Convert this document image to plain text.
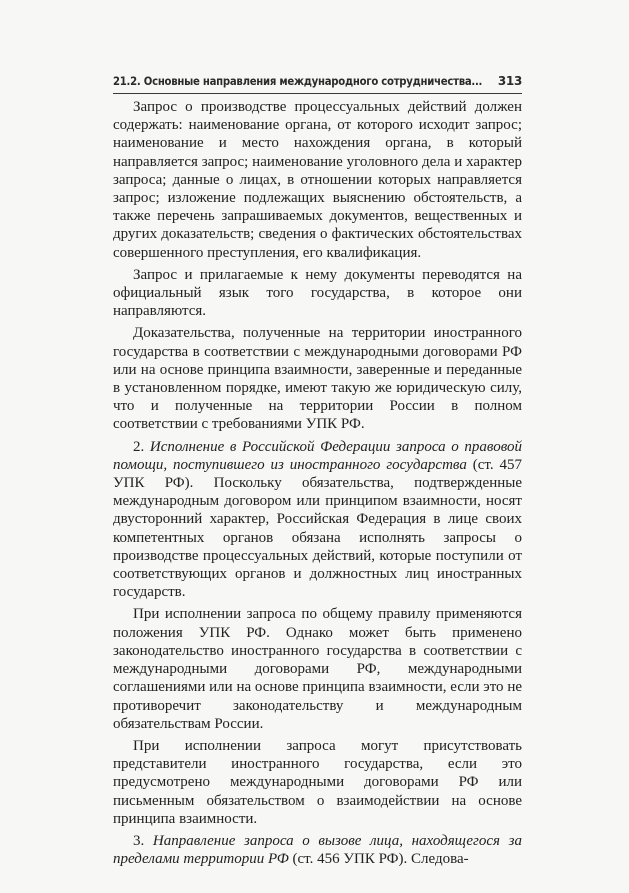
21.2. Основные направления международного сотрудничества... 313

Запрос о производстве процессуальных действий должен содержать: наименование органа, от которого исходит запрос; наименование и место нахождения органа, в который направляется запрос; наименование уголовного дела и характер запроса; данные о лицах, в отношении которых направляется запрос; изложение подлежащих выяснению обстоятельств, а также перечень запрашиваемых документов, вещественных и других доказательств; сведения о фактических обстоятельствах совершенного преступления, его квалификация.

Запрос и прилагаемые к нему документы переводятся на официальный язык того государства, в которое они направляются.

Доказательства, полученные на территории иностранного государства в соответствии с международными договорами РФ или на основе принципа взаимности, заверенные и переданные в установленном порядке, имеют такую же юридическую силу, что и полученные на территории России в полном соответствии с требованиями УПК РФ.

2. Исполнение в Российской Федерации запроса о правовой помощи, поступившего из иностранного государства (ст. 457 УПК РФ). Поскольку обязательства, подтвержденные международным договором или принципом взаимности, носят двусторонний характер, Российская Федерация в лице своих компетентных органов обязана исполнять запросы о производстве процессуальных действий, которые поступили от соответствующих органов и должностных лиц иностранных государств.

При исполнении запроса по общему правилу применяются положения УПК РФ. Однако может быть применено законодательство иностранного государства в соответствии с международными договорами РФ, международными соглашениями или на основе принципа взаимности, если это не противоречит законодательству и международным обязательствам России.

При исполнении запроса могут присутствовать представители иностранного государства, если это предусмотрено международными договорами РФ или письменным обязательством о взаимодействии на основе принципа взаимности.

3. Направление запроса о вызове лица, находящегося за пределами территории РФ (ст. 456 УПК РФ). Следова-
